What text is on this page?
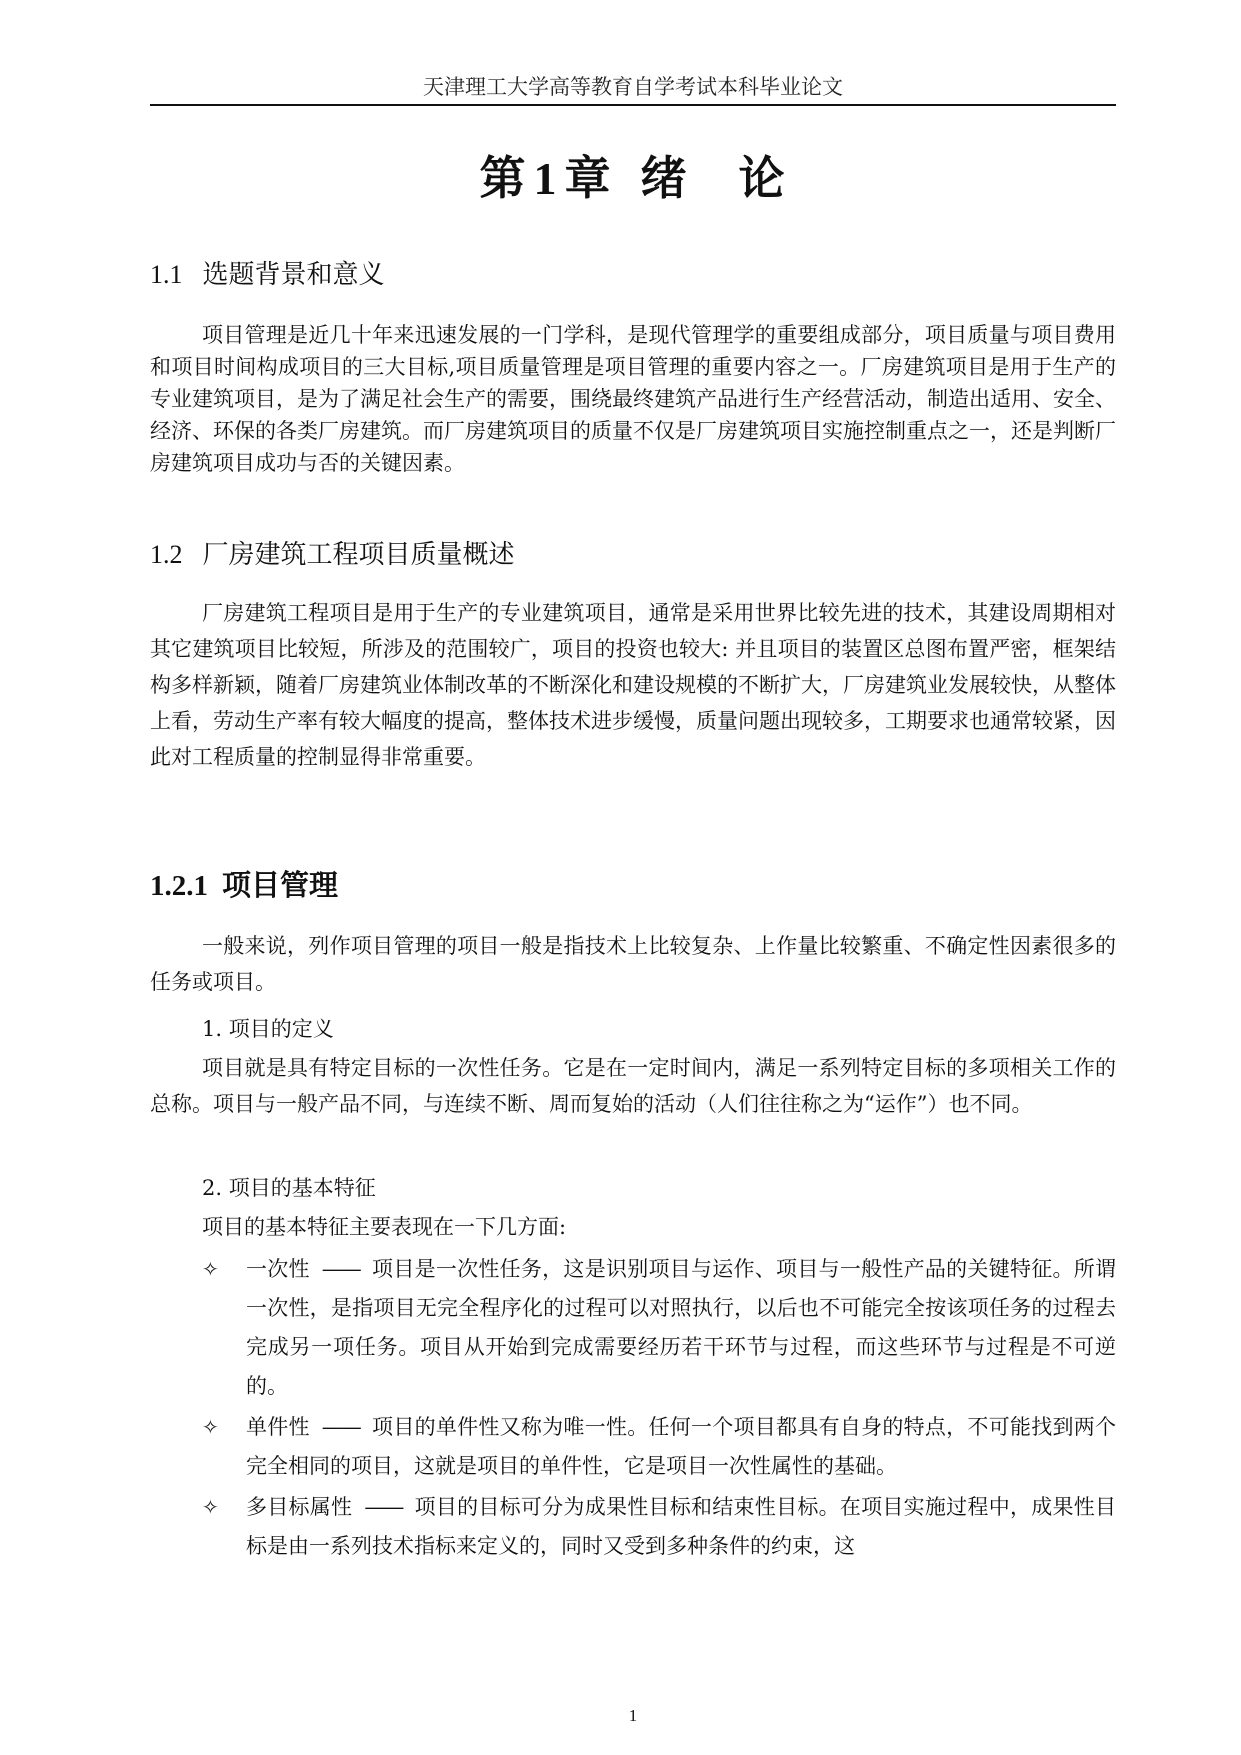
天津理工大学高等教育自学考试本科毕业论文
第 1 章 绪 论
1.1 选题背景和意义

项目管理是近几十年来迅速发展的一门学科，是现代管理学的重要组成部分，项目质量与项目费用和项目时间构成项目的三大目标,项目质量管理是项目管理的重要内容之一。厂房建筑项目是用于生产的专业建筑项目，是为了满足社会生产的需要，围绕最终建筑产品进行生产经营活动，制造出适用、安全、经济、环保的各类厂房建筑。而厂房建筑项目的质量不仅是厂房建筑项目实施控制重点之一，还是判断厂房建筑项目成功与否的关键因素。

1.2 厂房建筑工程项目质量概述

厂房建筑工程项目是用于生产的专业建筑项目，通常是采用世界比较先进的技术，其建设周期相对其它建筑项目比较短，所涉及的范围较广，项目的投资也较大: 并且项目的装置区总图布置严密，框架结构多样新颖，随着厂房建筑业体制改革的不断深化和建设规模的不断扩大，厂房建筑业发展较快，从整体上看，劳动生产率有较大幅度的提高，整体技术进步缓慢，质量问题出现较多，工期要求也通常较紧，因此对工程质量的控制显得非常重要。

1.2.1 项目管理

一般来说，列作项目管理的项目一般是指技术上比较复杂、上作量比较繁重、不确定性因素很多的任务或项目。

1. 项目的定义

项目就是具有特定目标的一次性任务。它是在一定时间内，满足一系列特定目标的多项相关工作的总称。项目与一般产品不同，与连续不断、周而复始的活动（人们往往称之为“运作”）也不同。

2. 项目的基本特征
项目的基本特征主要表现在一下几方面:
✧ 一次性 —— 项目是一次性任务，这是识别项目与运作、项目与一般性产品的关键特征。所谓一次性，是指项目无完全程序化的过程可以对照执行，以后也不可能完全按该项任务的过程去完成另一项任务。项目从开始到完成需要经历若干环节与过程，而这些环节与过程是不可逆的。
✧ 单件性 —— 项目的单件性又称为唯一性。任何一个项目都具有自身的特点，不可能找到两个完全相同的项目，这就是项目的单件性，它是项目一次性属性的基础。
✧ 多目标属性 —— 项目的目标可分为成果性目标和结束性目标。在项目实施过程中，成果性目标是由一系列技术指标来定义的，同时又受到多种条件的约束，这
1
